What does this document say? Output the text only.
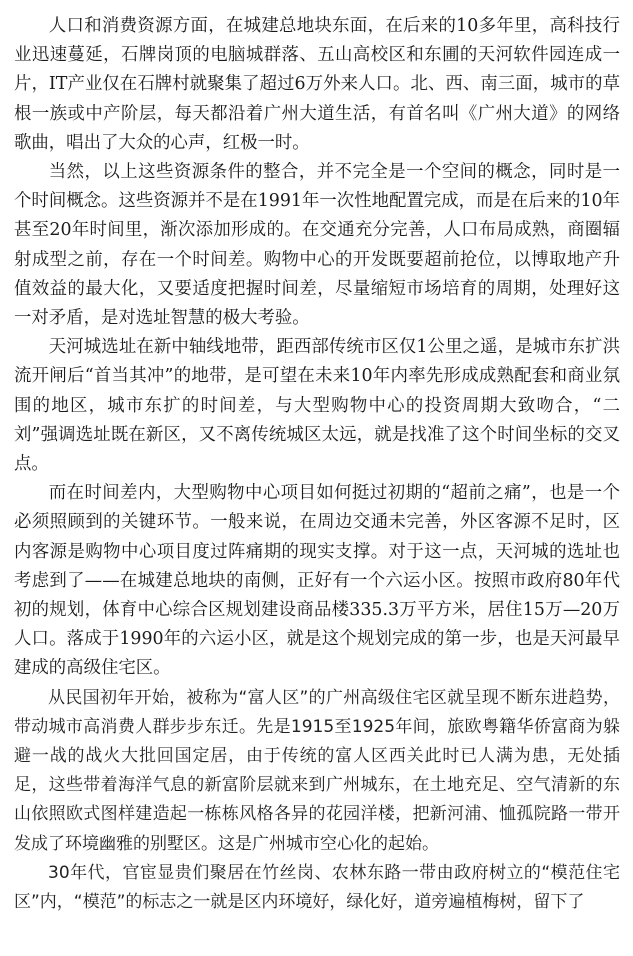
人口和消费资源方面，在城建总地块东面，在后来的10多年里，高科技行业迅速蔓延，石牌岗顶的电脑城群落、五山高校区和东圃的天河软件园连成一片，IT产业仅在石牌村就聚集了超过6万外来人口。北、西、南三面，城市的草根一族或中产阶层，每天都沿着广州大道生活，有首名叫《广州大道》的网络歌曲，唱出了大众的心声，红极一时。

当然，以上这些资源条件的整合，并不完全是一个空间的概念，同时是一个时间概念。这些资源并不是在1991年一次性地配置完成，而是在后来的10年甚至20年时间里，渐次添加形成的。在交通充分完善，人口布局成熟，商圈辐射成型之前，存在一个时间差。购物中心的开发既要超前抢位，以博取地产升值效益的最大化，又要适度把握时间差，尽量缩短市场培育的周期，处理好这一对矛盾，是对选址智慧的极大考验。

天河城选址在新中轴线地带，距西部传统市区仅1公里之遥，是城市东扩洪流开闸后“首当其冲”的地带，是可望在未来10年内率先形成成熟配套和商业氛围的地区，城市东扩的时间差，与大型购物中心的投资周期大致吻合，“二刘”强调选址既在新区，又不离传统城区太远，就是找准了这个时间坐标的交叉点。

而在时间差内，大型购物中心项目如何挺过初期的“超前之痛”，也是一个必须照顾到的关键环节。一般来说，在周边交通未完善，外区客源不足时，区内客源是购物中心项目度过阵痛期的现实支撑。对于这一点，天河城的选址也考虑到了——在城建总地块的南侧，正好有一个六运小区。按照市政府80年代初的规划，体育中心综合区规划建设商品楼335.3万平方米，居住15万—20万人口。落成于1990年的六运小区，就是这个规划完成的第一步，也是天河最早建成的高级住宅区。

从民国初年开始，被称为“富人区”的广州高级住宅区就呈现不断东进趋势，带动城市高消费人群步步东迁。先是1915至1925年间，旅欧粤籍华侨富商为躲避一战的战火大批回国定居，由于传统的富人区西关此时已人满为患，无处插足，这些带着海洋气息的新富阶层就来到广州城东，在土地充足、空气清新的东山依照欧式图样建造起一栋栋风格各异的花园洋楼，把新河浦、恤孤院路一带开发成了环境幽雅的别墅区。这是广州城市空心化的起始。

30年代，官宦显贵们聚居在竹丝岗、农林东路一带由政府树立的“模范住宅区”内，“模范”的标志之一就是区内环境好，绿化好，道旁遍植梅树，留下了
